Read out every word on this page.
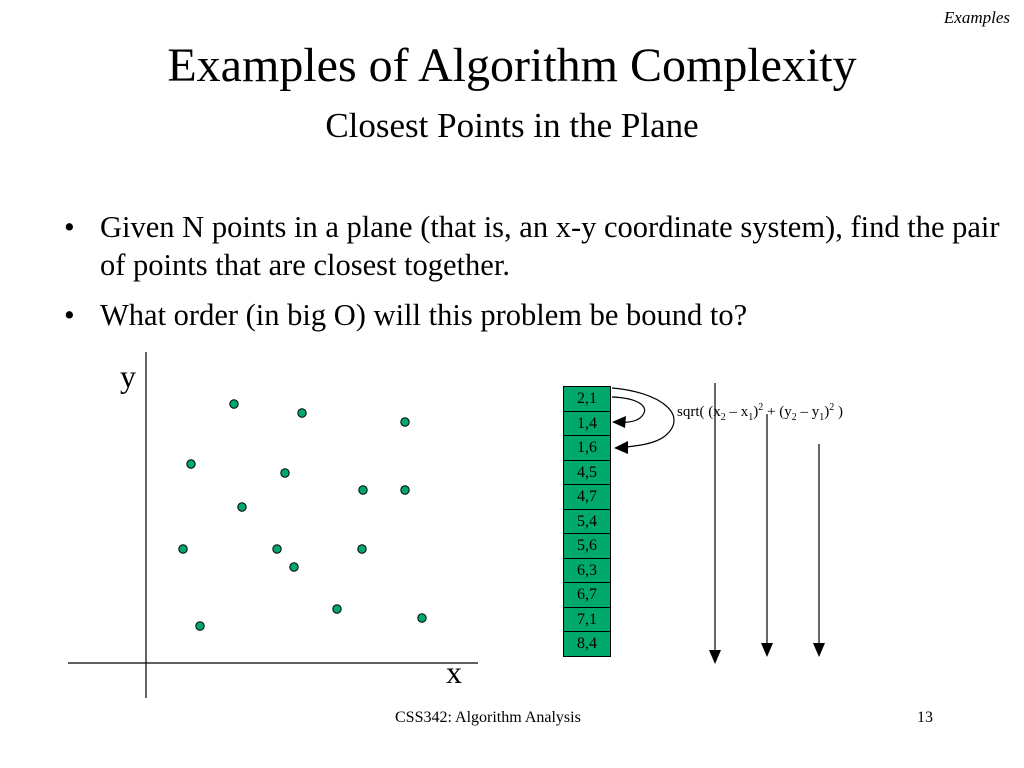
Examples
Examples of Algorithm Complexity
Closest Points in the Plane
• Given N points in a plane (that is, an x-y coordinate system), find the pair of points that are closest together.
• What order (in big O) will this problem be bound to?
y
x
2,1
1,4
1,6
4,5
4,7
5,4
5,6
6,3
6,7
7,1
8,4
sqrt( $(x_2 - x_1)^2 + (y_2 - y_1)^2$ )
CSS342: Algorithm Analysis	13
